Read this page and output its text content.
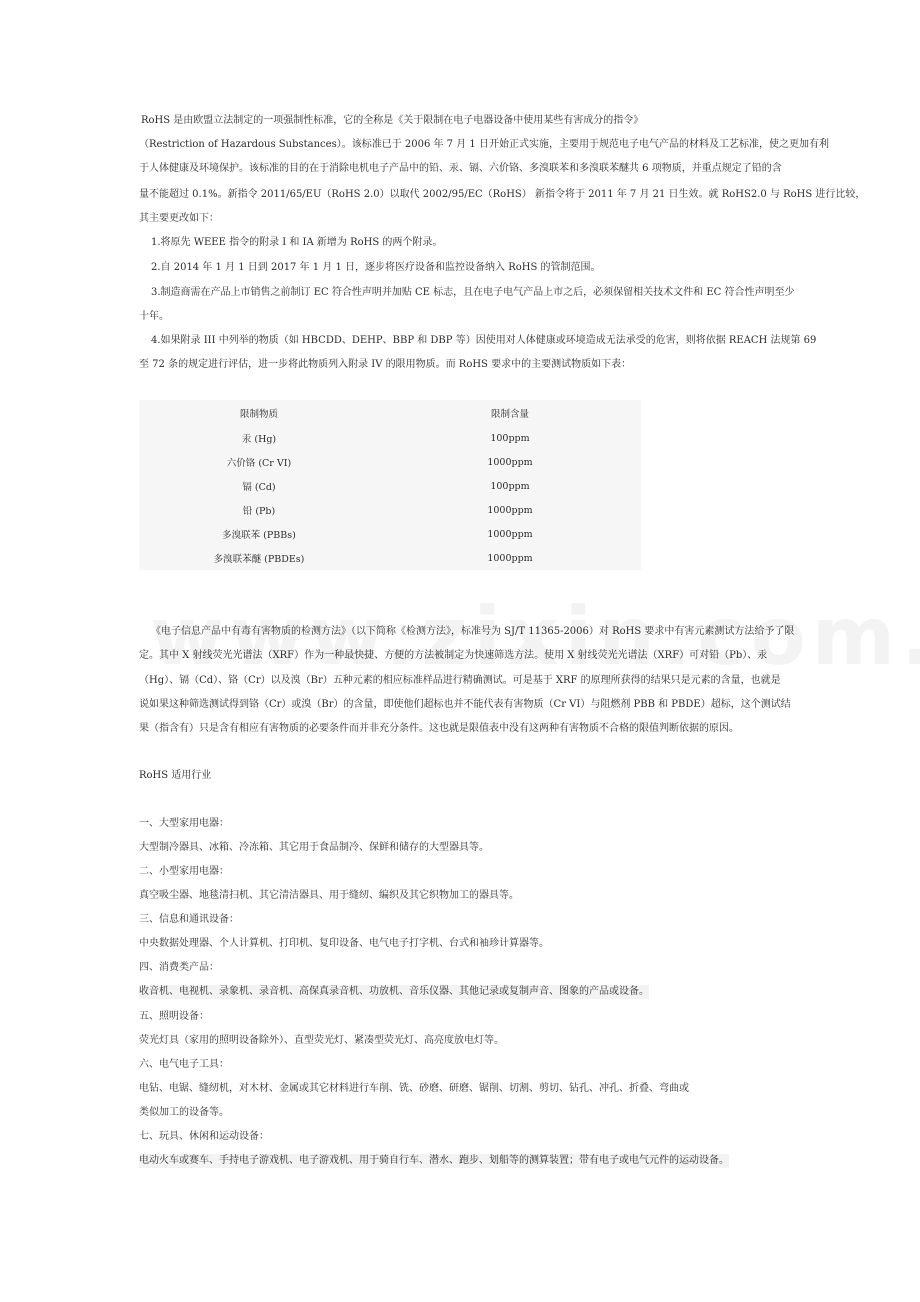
RoHS 是由欧盟立法制定的一项强制性标准，它的全称是《关于限制在电子电器设备中使用某些有害成分的指令》
（Restriction of Hazardous Substances）。该标准已于 2006 年 7 月 1 日开始正式实施，主要用于规范电子电气产品的材料及工艺标准，使之更加有利
于人体健康及环境保护。该标准的目的在于消除电机电子产品中的铅、汞、镉、六价铬、多溴联苯和多溴联苯醚共 6 项物质，并重点规定了铅的含
量不能超过 0.1%。新指令 2011/65/EU（RoHS 2.0）以取代 2002/95/EC（RoHS） 新指令将于 2011 年 7 月 21 日生效。就 RoHS2.0 与 RoHS 进行比较，
其主要更改如下：
1.将原先 WEEE 指令的附录 I 和 IA 新增为 RoHS 的两个附录。
2.自 2014 年 1 月 1 日到 2017 年 1 月 1 日，逐步将医疗设备和监控设备纳入 RoHS 的管制范围。
3.制造商需在产品上市销售之前制订 EC 符合性声明并加贴 CE 标志，且在电子电气产品上市之后，必须保留相关技术文件和 EC 符合性声明至少
十年。
4.如果附录 III 中列举的物质（如 HBCDD、DEHP、BBP 和 DBP 等）因使用对人体健康或环境造成无法承受的危害，则将依据 REACH 法规第 69
至 72 条的规定进行评估，进一步将此物质列入附录 IV 的限用物质。而 RoHS 要求中的主要测试物质如下表：
限制物质	限制含量
汞 (Hg)	100ppm
六价铬 (Cr VI)	1000ppm
镉 (Cd)	100ppm
铅 (Pb)	1000ppm
多溴联苯 (PBBs)	1000ppm
多溴联苯醚 (PBDEs)	1000ppm
《电子信息产品中有毒有害物质的检测方法》（以下简称《检测方法》，标准号为 SJ/T 11365-2006）对 RoHS 要求中有害元素测试方法给予了限
定。其中 X 射线荧光光谱法（XRF）作为一种最快捷、方便的方法被制定为快速筛选方法。使用 X 射线荧光光谱法（XRF）可对铅（Pb）、汞
（Hg）、镉（Cd）、铬（Cr）以及溴（Br）五种元素的相应标准样品进行精确测试。可是基于 XRF 的原理所获得的结果只是元素的含量，也就是
说如果这种筛选测试得到铬（Cr）或溴（Br）的含量，即使他们超标也并不能代表有害物质（Cr VI）与阻燃剂 PBB 和 PBDE）超标，这个测试结
果（指含有）只是含有相应有害物质的必要条件而并非充分条件。这也就是限值表中没有这两种有害物质不合格的限值判断依据的原因。
RoHS 适用行业
一、大型家用电器：
大型制冷器具、冰箱、冷冻箱、其它用于食品制冷、保鲜和储存的大型器具等。
二、小型家用电器：
真空吸尘器、地毯清扫机、其它清洁器具、用于缝纫、编织及其它织物加工的器具等。
三、信息和通讯设备：
中央数据处理器、个人计算机、打印机、复印设备、电气电子打字机、台式和袖珍计算器等。
四、消费类产品：
收音机、电视机、录象机、录音机、高保真录音机、功放机、音乐仪器、其他记录或复制声音、图象的产品或设备。
五、照明设备：
荧光灯具（家用的照明设备除外）、直型荧光灯、紧凑型荧光灯、高亮度放电灯等。
六、电气电子工具：
电钻、电锯、缝纫机，对木材、金属或其它材料进行车削、铣、砂磨、研磨、锯削、切割、剪切、钻孔、冲孔、折叠、弯曲或
类似加工的设备等。
七、玩具、休闲和运动设备：
电动火车或赛车、手持电子游戏机、电子游戏机、用于骑自行车、潜水、跑步、划船等的测算装置；带有电子或电气元件的运动设备。
